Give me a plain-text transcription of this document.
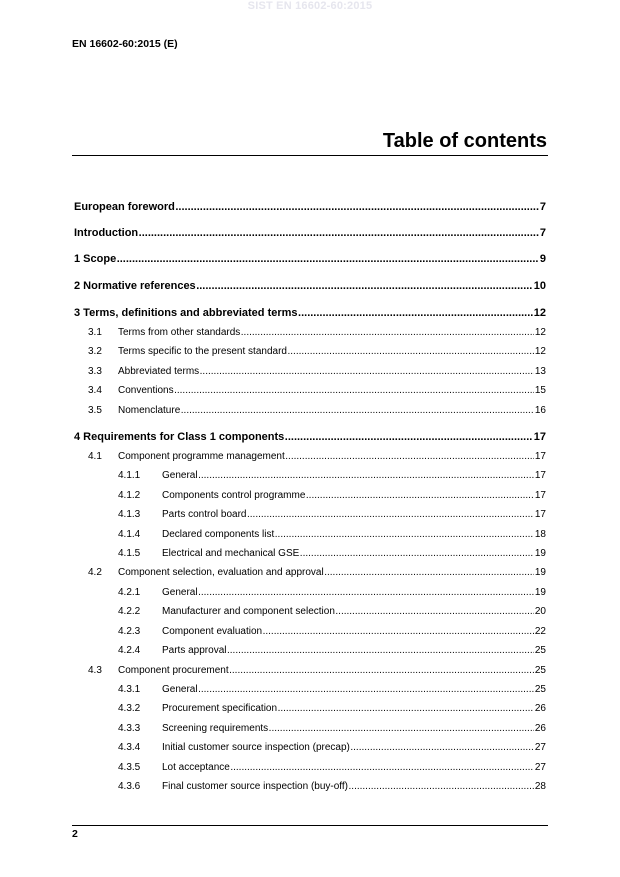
SIST EN 16602-60:2015
EN 16602-60:2015 (E)
Table of contents
European foreword .....	7
Introduction .....	7
1 Scope .....	9
2 Normative references .....	10
3 Terms, definitions and abbreviated terms .....	12
3.1	Terms from other standards .....	12
3.2	Terms specific to the present standard .....	12
3.3	Abbreviated terms .....	13
3.4	Conventions .....	15
3.5	Nomenclature .....	16
4 Requirements for Class 1 components .....	17
4.1	Component programme management .....	17
4.1.1	General .....	17
4.1.2	Components control programme .....	17
4.1.3	Parts control board .....	17
4.1.4	Declared components list .....	18
4.1.5	Electrical and mechanical GSE .....	19
4.2	Component selection, evaluation and approval .....	19
4.2.1	General .....	19
4.2.2	Manufacturer and component selection .....	20
4.2.3	Component evaluation .....	22
4.2.4	Parts approval .....	25
4.3	Component procurement .....	25
4.3.1	General .....	25
4.3.2	Procurement specification .....	26
4.3.3	Screening requirements .....	26
4.3.4	Initial customer source inspection (precap) .....	27
4.3.5	Lot acceptance .....	27
4.3.6	Final customer source inspection (buy-off) .....	28
2
